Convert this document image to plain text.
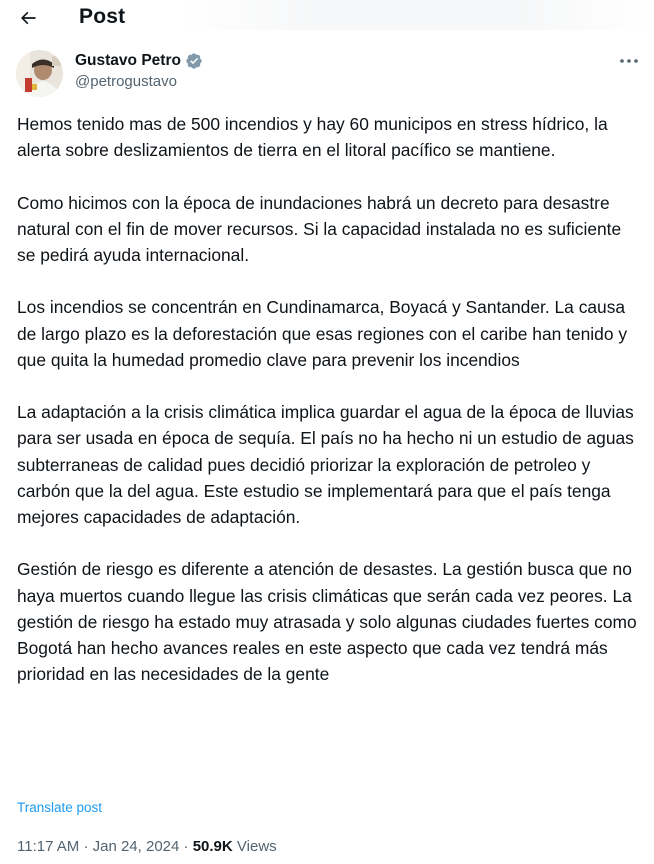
Post
Gustavo Petro
@petrogustavo

Hemos tenido mas de 500 incendios y hay 60 municipos en stress hídrico, la alerta sobre deslizamientos de tierra en el litoral pacífico se mantiene.

Como hicimos con la época de inundaciones habrá un decreto para desastre natural con el fin de mover recursos. Si la capacidad instalada no es suficiente se pedirá ayuda internacional.

Los incendios se concentrán en Cundinamarca, Boyacá y Santander. La causa de largo plazo es la deforestación que esas regiones con el caribe han tenido y que quita la humedad promedio clave para prevenir los incendios

La adaptación a la crisis climática implica guardar el agua de la época de lluvias para ser usada en época de sequía. El país no ha hecho ni un estudio de aguas subterraneas de calidad pues decidió priorizar la exploración de petroleo y carbón que la del agua. Este estudio se implementará para que el país tenga mejores capacidades de adaptación.

Gestión de riesgo es diferente a atención de desastes. La gestión busca que no haya muertos cuando llegue las crisis climáticas que serán cada vez peores. La gestión de riesgo ha estado muy atrasada y solo algunas ciudades fuertes como Bogotá han hecho avances reales en este aspecto que cada vez tendrá más prioridad en las necesidades de la gente

Translate post
11:17 AM · Jan 24, 2024 · 50.9K Views
